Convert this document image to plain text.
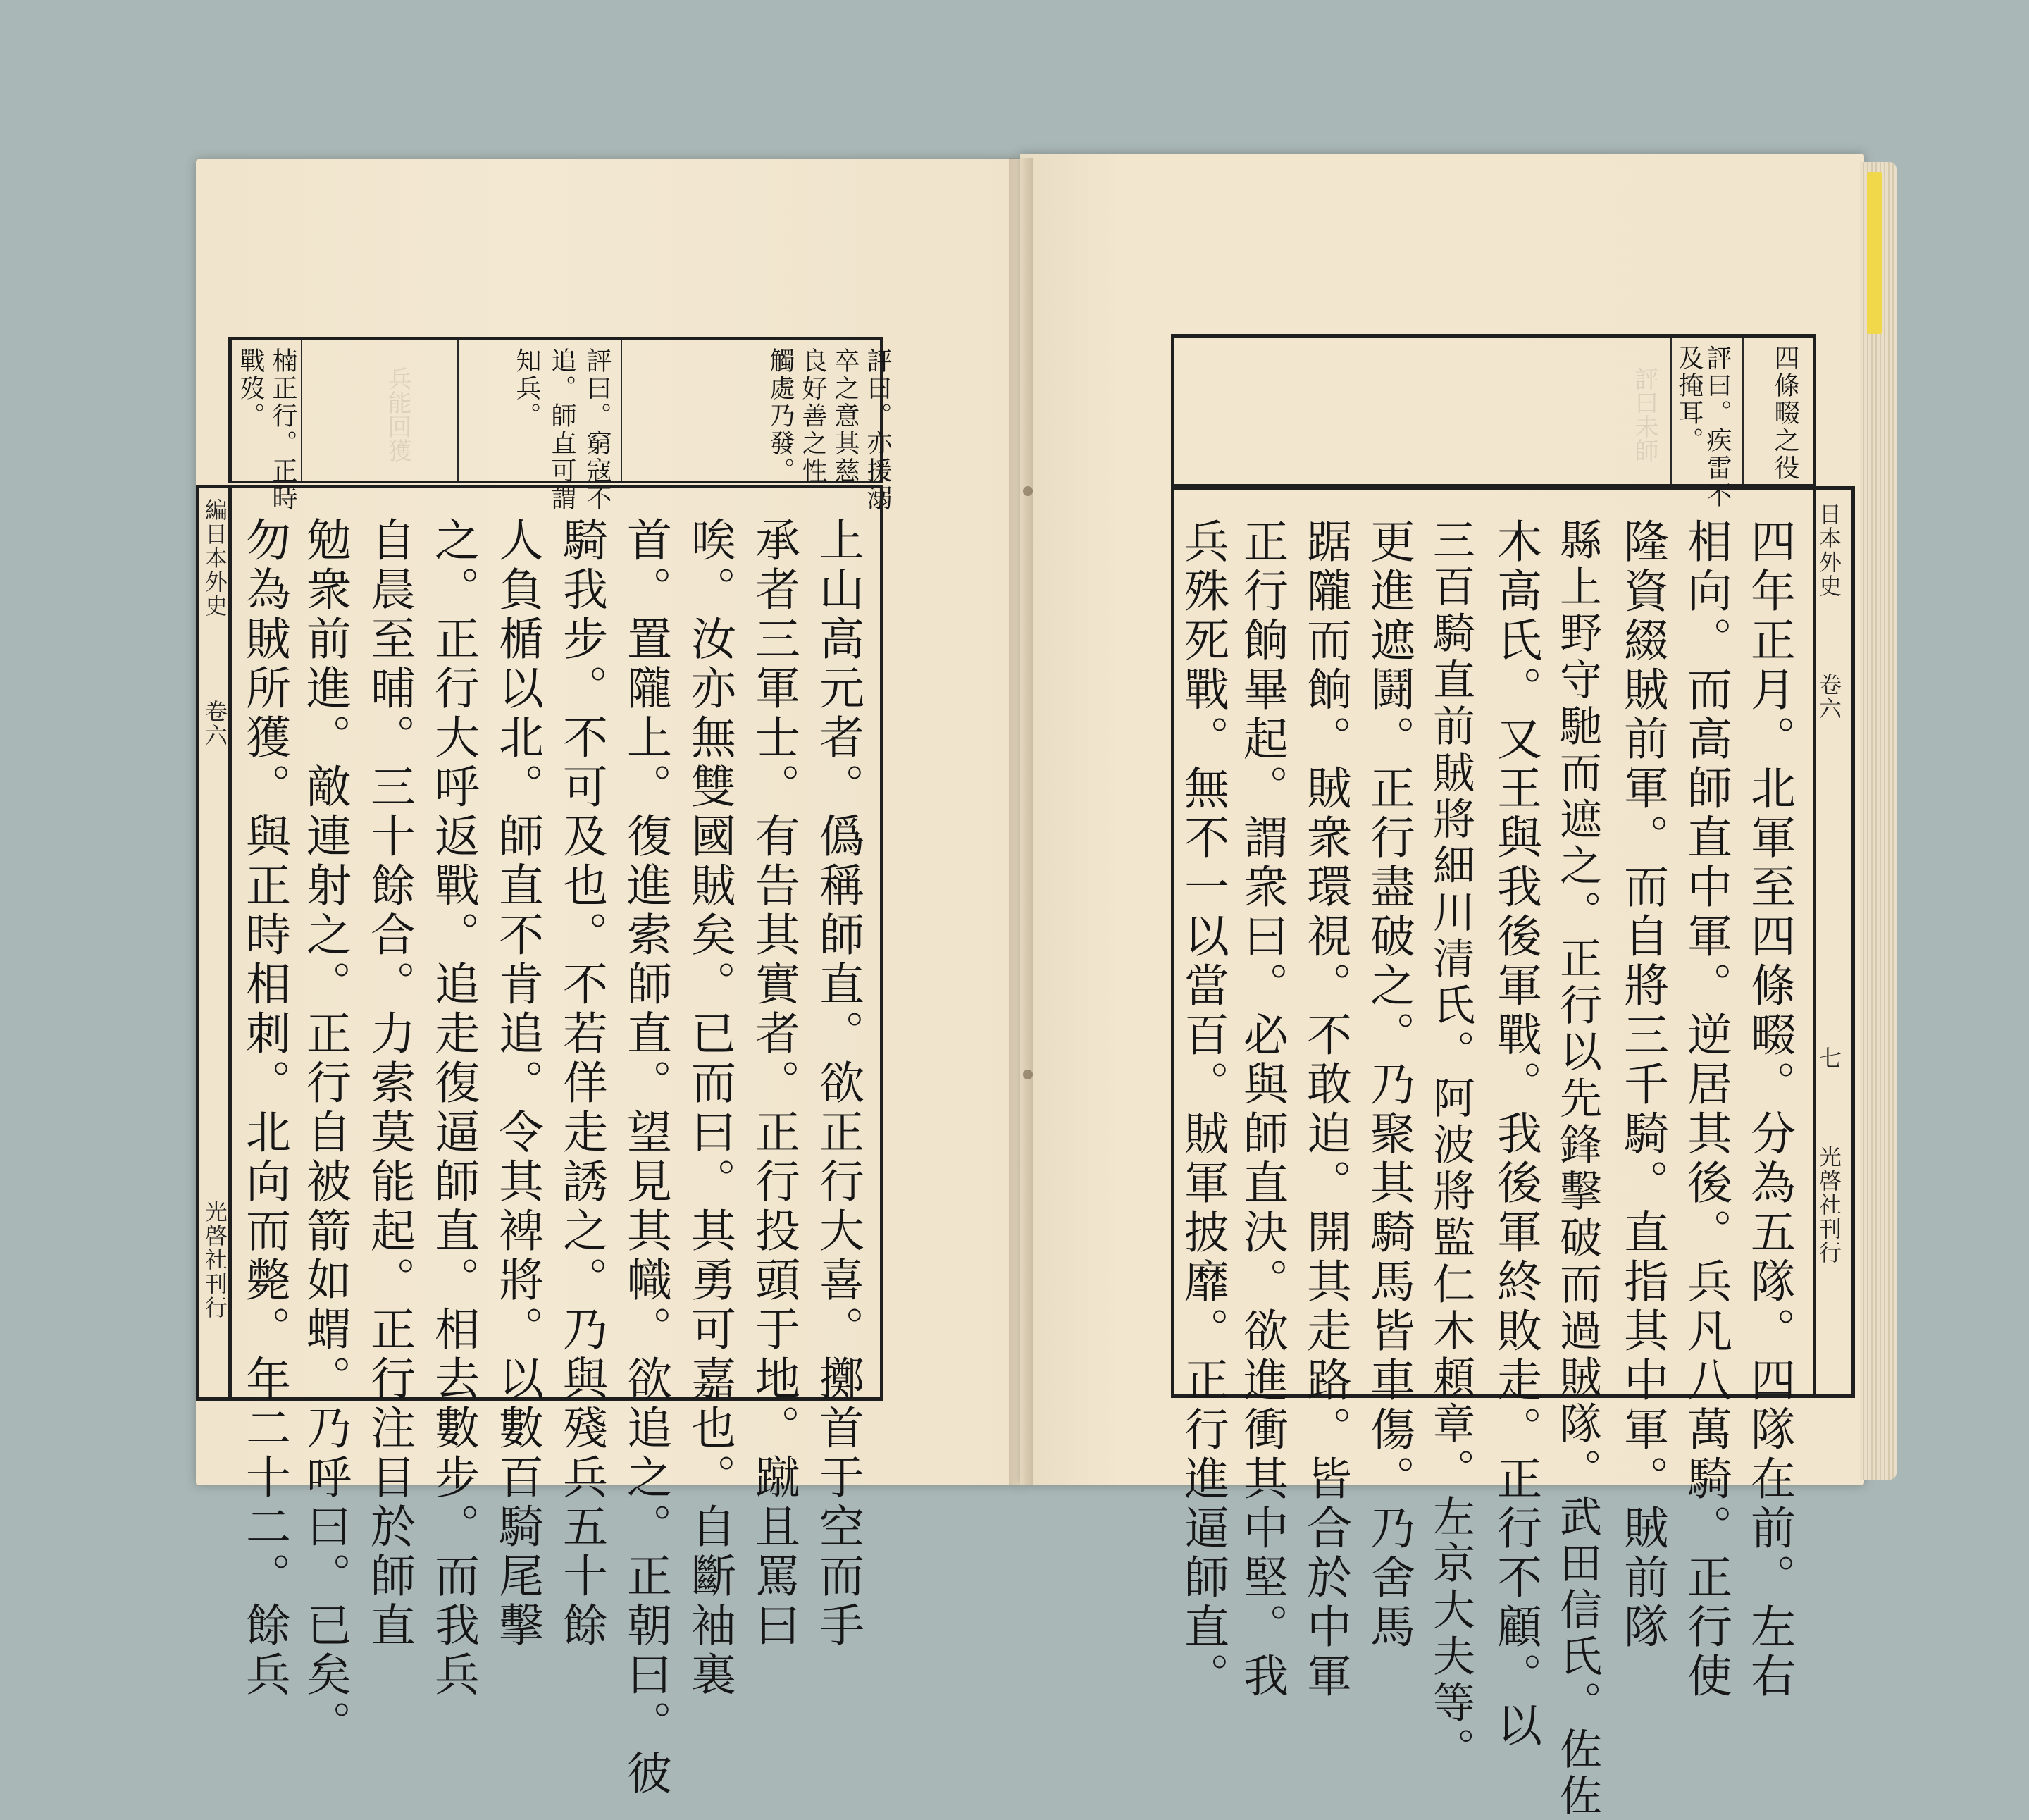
評曰未師
兵能回獲	評曰。亦援溺
卒之意其慈
良好善之性
觸處乃發。
評曰。窮寇不
追。師直可謂
知兵。
楠正行。正時
戰歿。
上山高元者。僞稱師直。欲正行大喜。擲首于空而手
承者三軍士。有告其實者。正行投頭于地。蹴且罵曰
唉。汝亦無雙國賊矣。已而曰。其勇可嘉也。自斷袖裏
首。置隴上。復進索師直。望見其幟。欲追之。正朝曰。彼
騎我步。不可及也。不若佯走誘之。乃與殘兵五十餘
人負楯以北。師直不肯追。令其裨將。以數百騎尾擊
之。正行大呼返戰。追走復逼師直。相去數步。而我兵
自晨至晡。三十餘合。力索莫能起。正行注目於師直
勉衆前進。敵連射之。正行自被箭如蝟。乃呼曰。已矣。
勿為賊所獲。與正時相刺。北向而斃。年二十二。餘兵
編日本外史
卷六
光啓社刊行
四條畷之役
評曰。疾雷不
及掩耳。
四年正月。北軍至四條畷。分為五隊。四隊在前。左右
相向。而高師直中軍。逆居其後。兵凡八萬騎。正行使
隆資綴賊前軍。而自將三千騎。直指其中軍。賊前隊
縣上野守馳而遮之。正行以先鋒擊破而過賊隊。武田信氏。佐佐
木高氏。又王與我後軍戰。我後軍終敗走。正行不顧。以
三百騎直前賊將細川清氏。阿波將監仁木頼章。左京大夫等。
更進遮鬪。正行盡破之。乃聚其騎馬皆車傷。乃舍馬
踞隴而餉。賊衆環視。不敢迫。開其走路。皆合於中軍
正行餉畢起。謂衆曰。必與師直決。欲進衝其中堅。我
兵殊死戰。無不一以當百。賊軍披靡。正行進逼師直。	日本外史
卷六
七
光啓社刊行
